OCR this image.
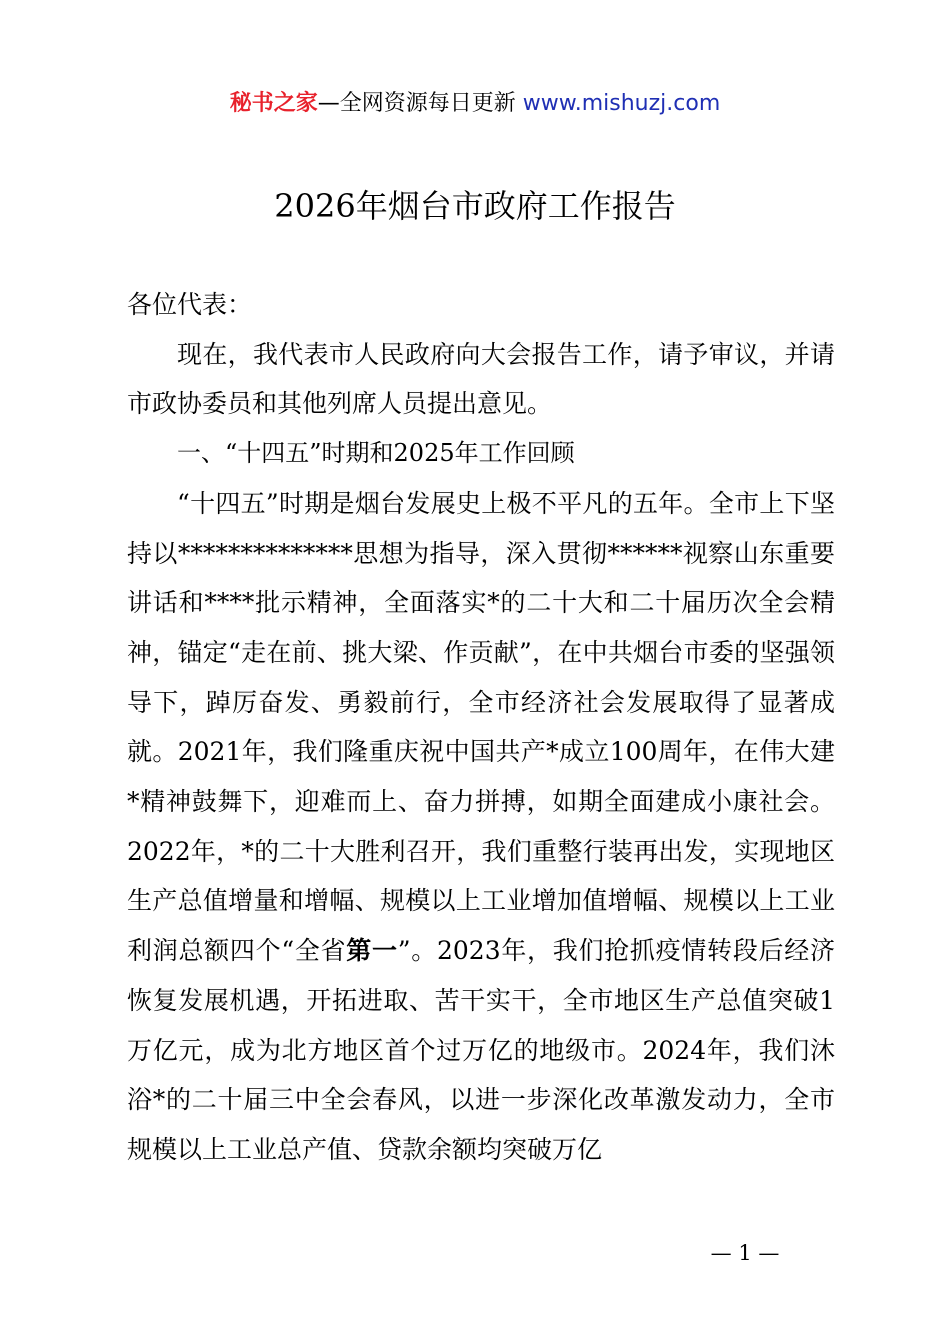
秘书之家—全网资源每日更新 www.mishuzj.com
2026年烟台市政府工作报告

各位代表：

现在，我代表市人民政府向大会报告工作，请予审议，并请市政协委员和其他列席人员提出意见。

一、“十四五”时期和2025年工作回顾

“十四五”时期是烟台发展史上极不平凡的五年。全市上下坚持以**************思想为指导，深入贯彻******视察山东重要讲话和****批示精神，全面落实*的二十大和二十届历次全会精神，锚定“走在前、挑大梁、作贡献”，在中共烟台市委的坚强领导下，踔厉奋发、勇毅前行，全市经济社会发展取得了显著成就。2021年，我们隆重庆祝中国共产*成立100周年，在伟大建*精神鼓舞下，迎难而上、奋力拼搏，如期全面建成小康社会。2022年，*的二十大胜利召开，我们重整行装再出发，实现地区生产总值增量和增幅、规模以上工业增加值增幅、规模以上工业利润总额四个“全省第一”。2023年，我们抢抓疫情转段后经济恢复发展机遇，开拓进取、苦干实干，全市地区生产总值突破1万亿元，成为北方地区首个过万亿的地级市。2024年，我们沐浴*的二十届三中全会春风，以进一步深化改革激发动力，全市规模以上工业总产值、贷款余额均突破万亿

— 1 —
